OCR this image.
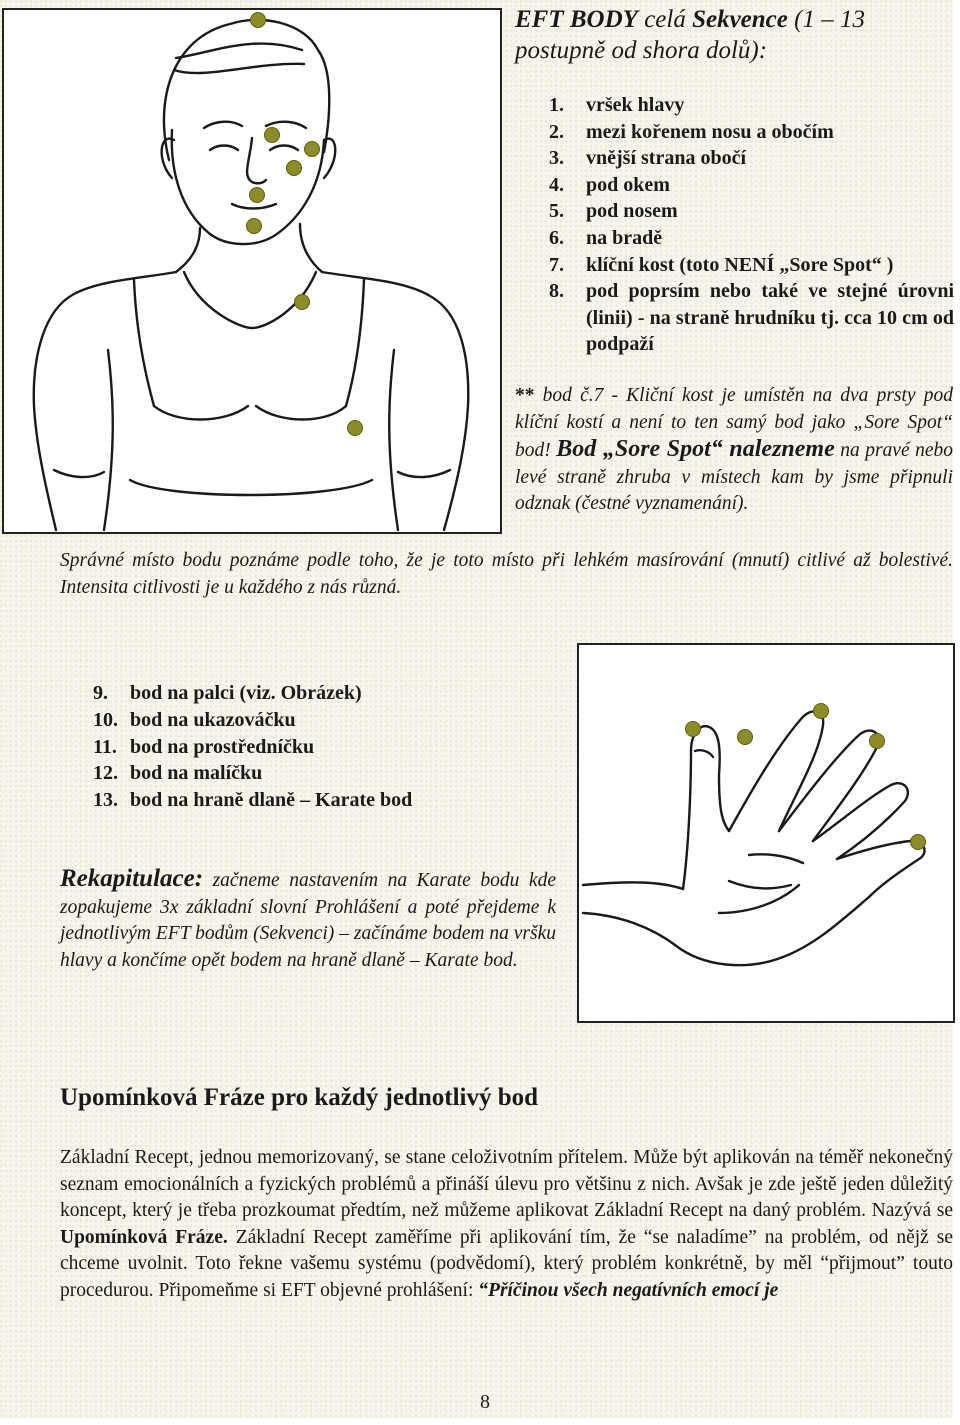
EFT BODY celá Sekvence (1 – 13 postupně od shora dolů):
1. vršek hlavy
2. mezi kořenem nosu a obočím
3. vnější strana obočí
4. pod okem
5. pod nosem
6. na bradě
7. klíční kost (toto NENÍ „Sore Spot“ )
8. pod poprsím nebo také ve stejné úrovni (linii) - na straně hrudníku tj. cca 10 cm od podpaží
** bod č.7 - Kliční kost je umístěn na dva prsty pod klíční kostí a není to ten samý bod jako „Sore Spot“ bod! Bod „Sore Spot“ nalezneme na pravé nebo levé straně zhruba v místech kam by jsme připnuli odznak (čestné vyznamenání).
Správné místo bodu poznáme podle toho, že je toto místo při lehkém masírování (mnutí) citlivé až bolestivé. Intensita citlivosti je u každého z nás různá.
9. bod na palci (viz. Obrázek)
10. bod na ukazováčku
11. bod na prostředníčku
12. bod na malíčku
13. bod na hraně dlaně – Karate bod
Rekapitulace: začneme nastavením na Karate bodu kde zopakujeme 3x základní slovní Prohlášení a poté přejdeme k jednotlivým EFT bodům (Sekvenci) – začínáme bodem na vršku hlavy a končíme opět bodem na hraně dlaně – Karate bod.
Upomínková Fráze pro každý jednotlivý bod
Základní Recept, jednou memorizovaný, se stane celoživotním přítelem. Může být aplikován na téměř nekonečný seznam emocionálních a fyzických problémů a přináší úlevu pro většinu z nich. Avšak je zde ještě jeden důležitý koncept, který je třeba prozkoumat předtím, než můžeme aplikovat Základní Recept na daný problém. Nazývá se Upomínková Fráze. Základní Recept zaměříme při aplikování tím, že “se naladíme” na problém, od nějž se chceme uvolnit. Toto řekne vašemu systému (podvědomí), který problém konkrétně, by měl “přijmout” touto procedurou. Připomeňme si EFT objevné prohlášení: “Příčinou všech negatívních emocí je
8
